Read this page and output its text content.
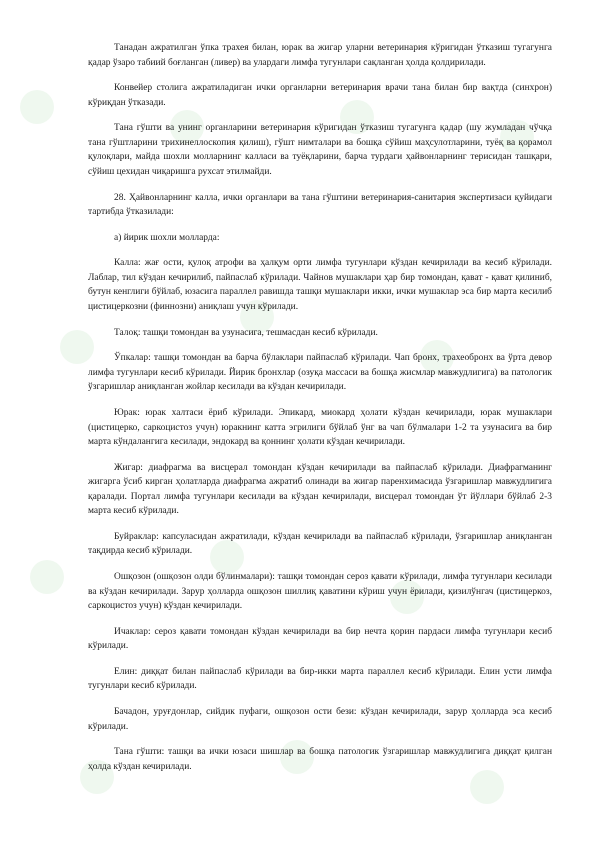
Танадан ажратилган ўпка трахея билан, юрак ва жигар уларни ветеринария кўригидан ўтказиш тугагунга қадар ўзаро табиий боғланган (ливер) ва улардаги лимфа тугунлари сақланган ҳолда қолдирилади.

Конвейер столига ажратиладиган ички органларни ветеринария врачи тана билан бир вақтда (синхрон) кўриқдан ўтказади.

Тана гўшти ва унинг органларини ветеринария кўригидан ўтказиш тугагунга қадар (шу жумладан чўчқа тана гўштларини трихинеллоскопия қилиш), гўшт нимталари ва бошқа сўйиш маҳсулотларини, туёқ ва қорамол қулоқлари, майда шохли молларнинг калласи ва туёқларини, барча турдаги ҳайвонларнинг терисидан ташқари, сўйиш цехидан чиқаришга рухсат этилмайди.

28. Ҳайвонларнинг калла, ички органлари ва тана гўштини ветеринария-санитария экспертизаси қуйидаги тартибда ўтказилади:

а) йирик шохли молларда:

Калла: жағ ости, қулоқ атрофи ва ҳалқум орти лимфа тугунлари кўздан кечирилади ва кесиб кўрилади. Лаблар, тил кўздан кечирилиб, пайпаслаб кўрилади. Чайнов мушаклари ҳар бир томондан, қават - қават қилиниб, бутун кенглиги бўйлаб, юзасига параллел равишда ташқи мушаклари икки, ички мушаклар эса бир марта кесилиб цистицеркозни (финнозни) аниқлаш учун кўрилади.

Талоқ: ташқи томондан ва узунасига, тешмасдан кесиб кўрилади.

Ўпкалар: ташқи томондан ва барча бўлаклари пайпаслаб кўрилади. Чап бронх, трахеобронх ва ўрта девор лимфа тугунлари кесиб кўрилади. Йирик бронхлар (озуқа массаси ва бошқа жисмлар мавжудлигига) ва патологик ўзгаришлар аниқланган жойлар кесилади ва кўздан кечирилади.

Юрак: юрак халтаси ёриб кўрилади. Эпикард, миокард ҳолати кўздан кечирилади, юрак мушаклари (цистицерко, саркоцистоз учун) юракнинг катта эгрилиги бўйлаб ўнг ва чап бўлмалари 1-2 та узунасига ва бир марта кўндалангига кесилади, эндокард ва қоннинг ҳолати кўздан кечирилади.

Жигар: диафрагма ва висцерал томондан кўздан кечирилади ва пайпаслаб кўрилади. Диафрагманинг жигарга ўсиб кирган ҳолатларда диафрагма ажратиб олинади ва жигар паренхимасида ўзгаришлар мавжудлигига қаралади. Портал лимфа тугунлари кесилади ва кўздан кечирилади, висцерал томондан ўт йўллари бўйлаб 2-3 марта кесиб кўрилади.

Буйраклар: капсуласидан ажратилади, кўздан кечирилади ва пайпаслаб кўрилади, ўзгаришлар аниқланган тақдирда кесиб кўрилади.

Ошқозон (ошқозон олди бўлинмалари): ташқи томондан сероз қавати кўрилади, лимфа тугунлари кесилади ва кўздан кечирилади. Зарур ҳолларда ошқозон шиллиқ қаватини кўриш учун ёрилади, қизилўнгач (цистицеркоз, саркоцистоз учун) кўздан кечирилади.

Ичаклар: сероз қавати томондан кўздан кечирилади ва бир нечта қорин пардаси лимфа тугунлари кесиб кўрилади.

Елин: диққат билан пайпаслаб кўрилади ва бир-икки марта параллел кесиб кўрилади. Елин усти лимфа тугунлари кесиб кўрилади.

Бачадон, уруғдонлар, сийдик пуфаги, ошқозон ости бези: кўздан кечирилади, зарур ҳолларда эса кесиб кўрилади.

Тана гўшти: ташқи ва ички юзаси шишлар ва бошқа патологик ўзгаришлар мавжудлигига диққат қилган ҳолда кўздан кечирилади.
